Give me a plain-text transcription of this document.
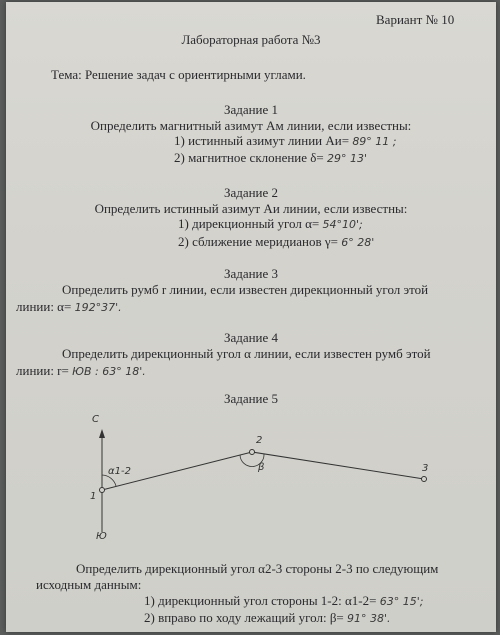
Вариант № 10
Лабораторная работа №3
Тема: Решение задач с ориентирными углами.
Задание 1
Определить магнитный азимут Aм линии, если известны:
1) истинный азимут линии Aи= 89° 11 ;
2) магнитное склонение δ= 29° 13'
Задание 2
Определить истинный азимут Aи линии, если известны:
1) дирекционный угол α= 54°10';
2) сближение меридианов γ= 6° 28'
Задание 3
Определить румб r линии, если известен дирекционный угол этой
линии: α= 192°37'.
Задание 4
Определить дирекционный угол α линии, если известен румб этой
линии: r= ЮВ : 63° 18'.
Задание 5
С
Ю
α1-2	β
1
2
3
Определить дирекционный угол α2-3 стороны 2-3 по следующим
исходным данным:
1) дирекционный угол стороны 1-2: α1-2= 63° 15';
2) вправо по ходу лежащий угол: β= 91° 38'.
